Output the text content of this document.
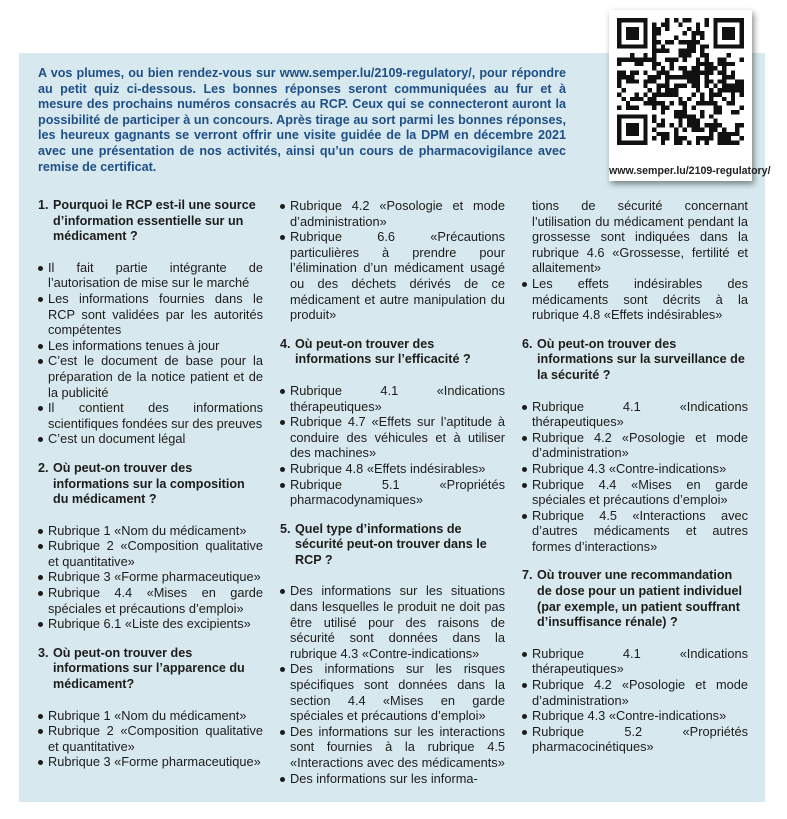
A vos plumes, ou bien rendez-vous sur www.semper.lu/2109-regulatory/, pour répondre au petit quiz ci-dessous. Les bonnes réponses seront communiquées au fur et à mesure des prochains numéros consacrés au RCP. Ceux qui se connecteront auront la possibilité de participer à un concours. Après tirage au sort parmi les bonnes réponses, les heureux gagnants se verront offrir une visite guidée de la DPM en décembre 2021 avec une présentation de nos activités, ainsi qu’un cours de pharmacovigilance avec remise de certificat.	www.semper.lu/2109-regulatory/
1. Pourquoi le RCP est-il une source d’information essentielle sur un médicament ?
Il fait partie intégrante de l’autorisation de mise sur le marché
Les informations fournies dans le RCP sont validées par les autorités compétentes
Les informations tenues à jour
C’est le document de base pour la préparation de la notice patient et de la publicité
Il contient des informations scientifiques fondées sur des preuves
C’est un document légal
2. Où peut-on trouver des informations sur la composition du médicament ?
Rubrique 1 «Nom du médicament»
Rubrique 2 «Composition qualitative et quantitative»
Rubrique 3 «Forme pharmaceutique»
Rubrique 4.4 «Mises en garde spéciales et précautions d’emploi»
Rubrique 6.1 «Liste des excipients»
3. Où peut-on trouver des informations sur l’apparence du médicament?
Rubrique 1 «Nom du médicament»
Rubrique 2 «Composition qualitative et quantitative»
Rubrique 3 «Forme pharmaceutique»
Rubrique 4.2 «Posologie et mode d’administration»
Rubrique 6.6 «Précautions particulières à prendre pour l’élimination d’un médicament usagé ou des déchets dérivés de ce médicament et autre manipulation du produit»
4. Où peut-on trouver des informations sur l’efficacité ?
Rubrique 4.1 «Indications thérapeutiques»
Rubrique 4.7 «Effets sur l’aptitude à conduire des véhicules et à utiliser des machines»
Rubrique 4.8 «Effets indésirables»
Rubrique 5.1 «Propriétés pharmacodynamiques»
5. Quel type d’informations de sécurité peut-on trouver dans le RCP ?
Des informations sur les situations dans lesquelles le produit ne doit pas être utilisé pour des raisons de sécurité sont données dans la rubrique 4.3 «Contre-indications»
Des informations sur les risques spécifiques sont données dans la section 4.4 «Mises en garde spéciales et précautions d’emploi»
Des informations sur les interactions sont fournies à la rubrique 4.5 «Interactions avec des médicaments»
Des informations sur les informa-
tions de sécurité concernant l’utilisation du médicament pendant la grossesse sont indiquées dans la rubrique 4.6 «Grossesse, fertilité et allaitement»
Les effets indésirables des médicaments sont décrits à la rubrique 4.8 «Effets indésirables»
6. Où peut-on trouver des informations sur la surveillance de la sécurité ?
Rubrique 4.1 «Indications thérapeutiques»
Rubrique 4.2 «Posologie et mode d’administration»
Rubrique 4.3 «Contre-indications»
Rubrique 4.4 «Mises en garde spéciales et précautions d’emploi»
Rubrique 4.5 «Interactions avec d’autres médicaments et autres formes d’interactions»
7. Où trouver une recommandation de dose pour un patient individuel (par exemple, un patient souffrant d’insuffisance rénale) ?
Rubrique 4.1 «Indications thérapeutiques»
Rubrique 4.2 «Posologie et mode d’administration»
Rubrique 4.3 «Contre-indications»
Rubrique 5.2 «Propriétés pharmacocinétiques»
